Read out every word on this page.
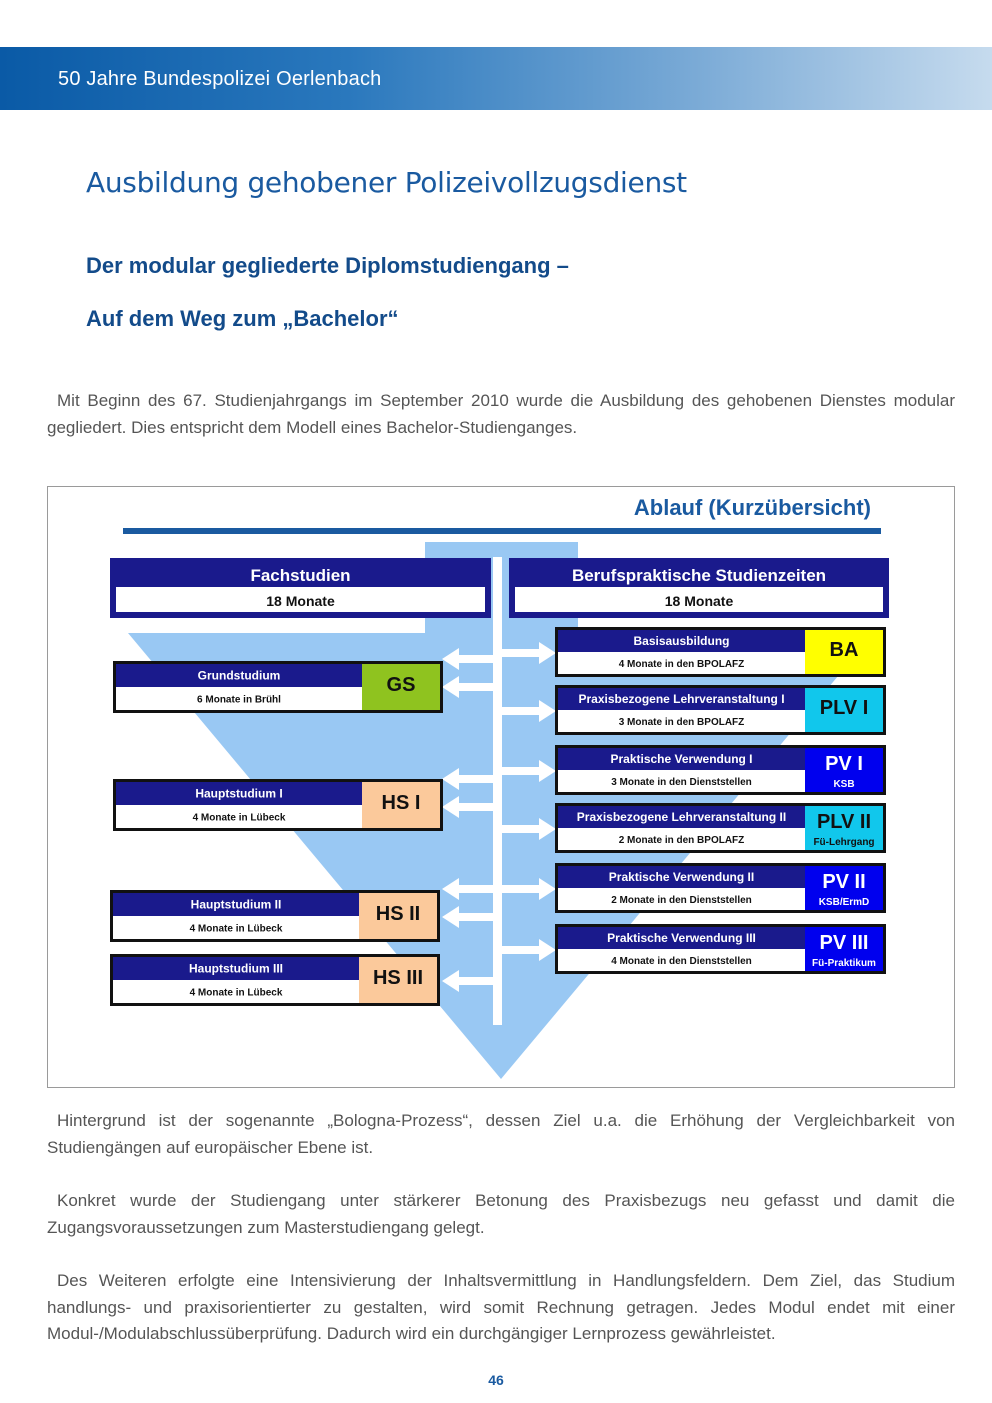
50 Jahre Bundespolizei Oerlenbach
Ausbildung gehobener Polizeivollzugsdienst
Der modular gegliederte Diplomstudiengang –
Auf dem Weg zum „Bachelor“

Mit Beginn des 67. Studienjahrgangs im September 2010 wurde die Ausbildung des gehobenen Dienstes modular gegliedert. Dies entspricht dem Modell eines Bachelor-Studienganges.

Ablauf (Kurzübersicht)
Fachstudien
18 Monate
Berufspraktische Studienzeiten
18 Monate
Grundstudium
6 Monate in Brühl
GS
Hauptstudium I
4 Monate in Lübeck
HS I
Hauptstudium II
4 Monate in Lübeck
HS II
Hauptstudium III
4 Monate in Lübeck
HS III
Basisausbildung
4 Monate in den BPOLAFZ
BA
Praxisbezogene Lehrveranstaltung I
3 Monate in den BPOLAFZ
PLV I
Praktische Verwendung I
3 Monate in den Dienststellen
PV I
KSB
Praxisbezogene Lehrveranstaltung II
2 Monate in den BPOLAFZ
PLV II
Fü-Lehrgang
Praktische Verwendung II
2 Monate in den Dienststellen
PV II
KSB/ErmD
Praktische Verwendung III
4 Monate in den Dienststellen
PV III
Fü-Praktikum

Hintergrund ist der sogenannte „Bologna-Prozess“, dessen Ziel u.a. die Erhöhung der Vergleichbarkeit von Studiengängen auf europäischer Ebene ist.

Konkret wurde der Studiengang unter stärkerer Betonung des Praxisbezugs neu gefasst und damit die Zugangsvoraussetzungen zum Masterstudiengang gelegt.

Des Weiteren erfolgte eine Intensivierung der Inhaltsvermittlung in Handlungsfeldern. Dem Ziel, das Studium handlungs- und praxisorientierter zu gestalten, wird somit Rechnung getragen. Jedes Modul endet mit einer Modul-/Modulabschlussüberprüfung. Dadurch wird ein durchgängiger Lernprozess gewährleistet.

46
